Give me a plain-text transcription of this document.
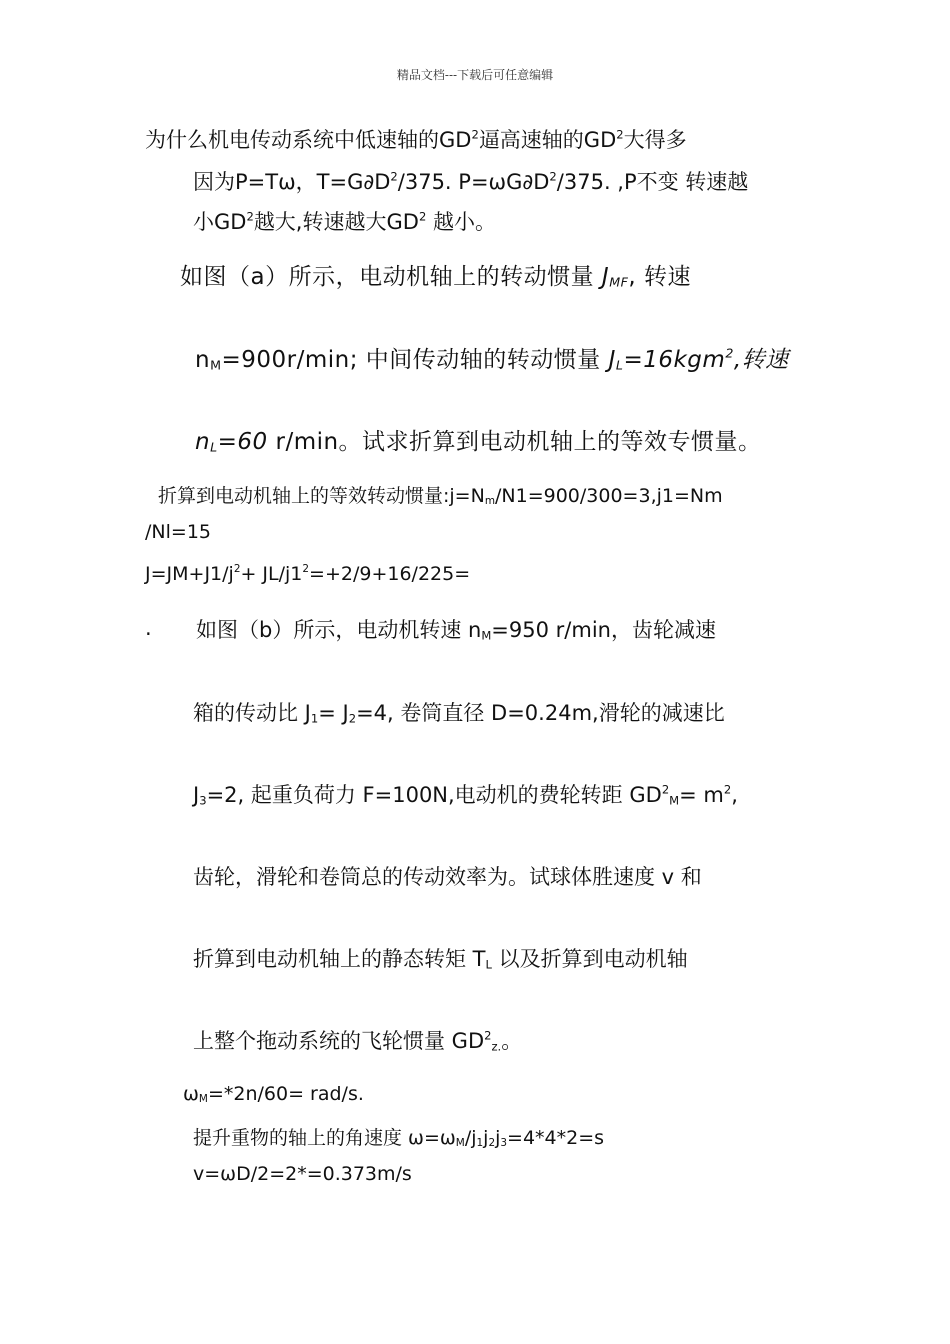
精品文档---下载后可任意编辑
为什么机电传动系统中低速轴的$GD^2$逼高速轴的$GD^2$大得多
因为P=Tω，$T=G\partial D^2/375$. $P=\omega G\partial D^2/375$. ,P不变 转速越
小$GD^2$越大,转速越大$GD^2$ 越小。
如图（a）所示，电动机轴上的转动惯量 $J_{MF}$, 转速
$n_M=900r/\min$; 中间传动轴的转动惯量 $J_L=16kgm^2$,转速
$n_L=60$ r/min。试求折算到电动机轴上的等效专惯量。
折算到电动机轴上的等效转动惯量$:j=N_m/N1=900/300=3,j1=Nm$
/Nl=15
$J=JM+J1/j^2+ JL/j1^2=+2/9+16/225=$
. 如图（b）所示，电动机转速 $n_M=950$ r/min，齿轮减速
箱的传动比 $J_1= J_2=4$, 卷筒直径 D=0.24m,滑轮的减速比
$J_3=2$, 起重负荷力 F=100N,电动机的费轮转距 $GD^2_M= m^2$,
齿轮，滑轮和卷筒总的传动效率为。试球体胜速度 v 和
折算到电动机轴上的静态转矩 $T_L$ 以及折算到电动机轴
上整个拖动系统的飞轮惯量 $GD^2_{z.}$。
$\omega_M=*2n/60= rad/s$.
提升重物的轴上的角速度 $\omega=\omega_M/j_1j_2j_3=4*4*2=s$
v=ωD/2=2*=0.373m/s
